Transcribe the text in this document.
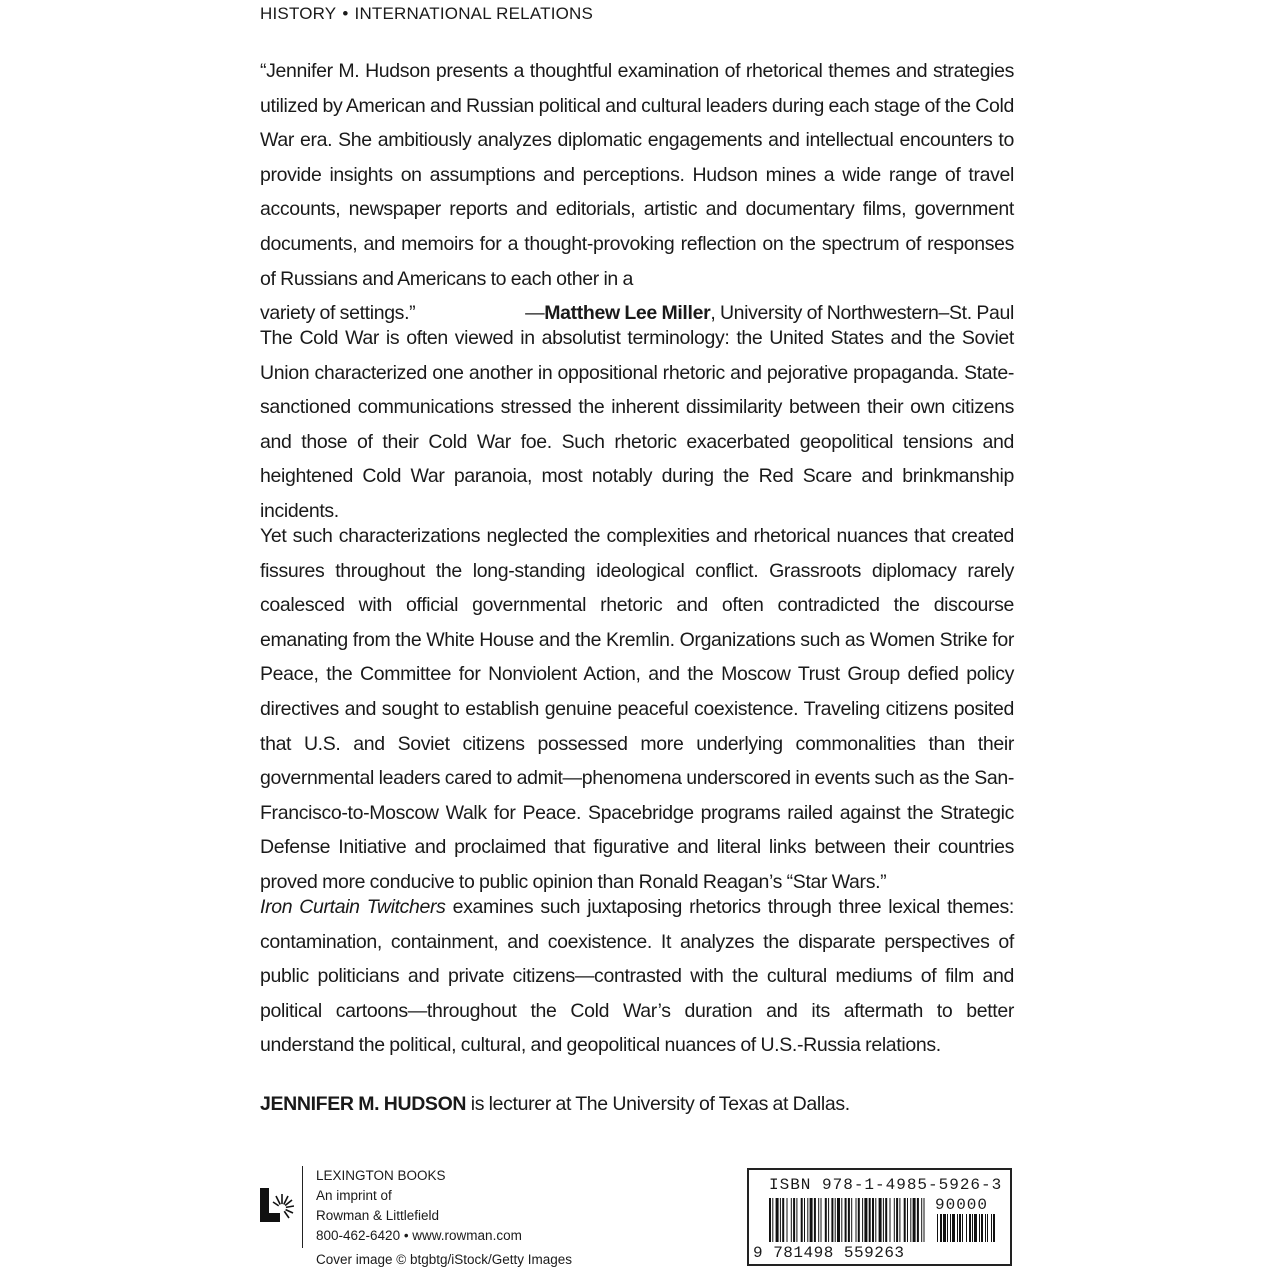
HISTORY • INTERNATIONAL RELATIONS

“Jennifer M. Hudson presents a thoughtful examination of rhetorical themes and strategies utilized by American and Russian political and cultural leaders during each stage of the Cold War era. She ambitiously analyzes diplomatic engagements and intellectual encounters to provide insights on assumptions and perceptions. Hudson mines a wide range of travel accounts, newspaper reports and editorials, artistic and documentary films, government documents, and memoirs for a thought-provoking reflection on the spectrum of responses of Russians and Americans to each other in a

variety of settings.”	—Matthew Lee Miller, University of Northwestern–St. Paul

The Cold War is often viewed in absolutist terminology: the United States and the Soviet Union characterized one another in oppositional rhetoric and pejorative propaganda. State-sanctioned communications stressed the inherent dissimilarity between their own citizens and those of their Cold War foe. Such rhetoric exacerbated geopolitical tensions and heightened Cold War paranoia, most notably during the Red Scare and brinkmanship incidents.

Yet such characterizations neglected the complexities and rhetorical nuances that created fissures throughout the long-standing ideological conflict. Grassroots diplomacy rarely coalesced with official governmental rhetoric and often contradicted the discourse emanating from the White House and the Kremlin. Organizations such as Women Strike for Peace, the Committee for Nonviolent Action, and the Moscow Trust Group defied policy directives and sought to establish genuine peaceful coexistence. Traveling citizens posited that U.S. and Soviet citizens possessed more underlying commonalities than their governmental leaders cared to admit—phenomena underscored in events such as the San-Francisco-to-Moscow Walk for Peace. Spacebridge programs railed against the Strategic Defense Initiative and proclaimed that figurative and literal links between their countries proved more conducive to public opinion than Ronald Reagan’s “Star Wars.”

Iron Curtain Twitchers examines such juxtaposing rhetorics through three lexical themes: contamination, containment, and coexistence. It analyzes the disparate perspectives of public politicians and private citizens—contrasted with the cultural mediums of film and political cartoons—throughout the Cold War’s duration and its aftermath to better understand the political, cultural, and geopolitical nuances of U.S.-Russia relations.

JENNIFER M. HUDSON is lecturer at The University of Texas at Dallas.

LEXINGTON BOOKS
An imprint of
Rowman & Littlefield
800-462-6420 • www.rowman.com
Cover image © btgbtg/iStock/Getty Images
ISBN 978-1-4985-5926-3
90000
9 781498 559263
